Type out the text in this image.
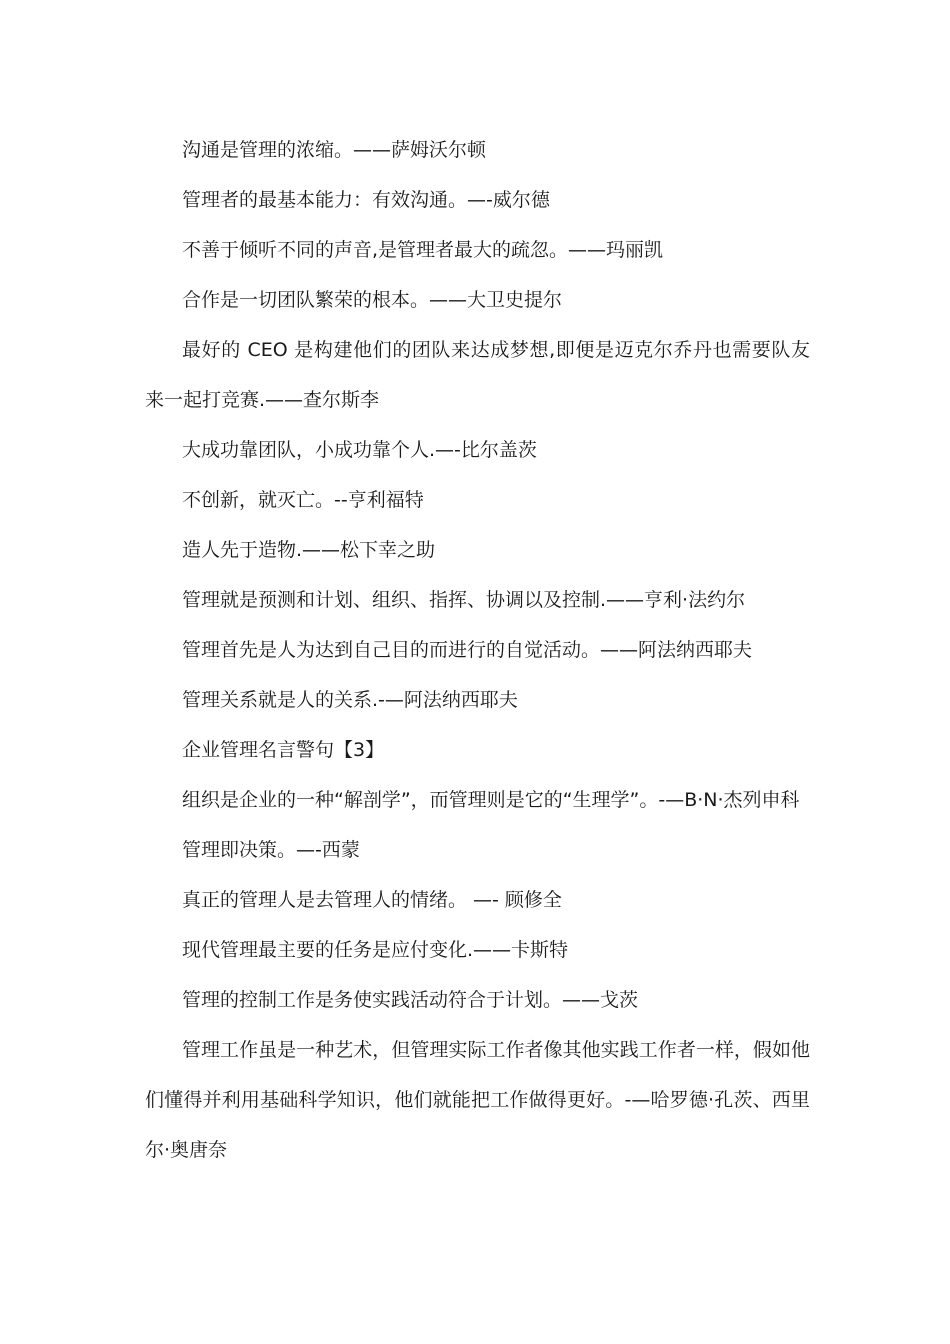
沟通是管理的浓缩。——萨姆沃尔顿

管理者的最基本能力：有效沟通。—-威尔德

不善于倾听不同的声音,是管理者最大的疏忽。——玛丽凯

合作是一切团队繁荣的根本。——大卫史提尔

最好的 CEO 是构建他们的团队来达成梦想,即便是迈克尔乔丹也需要队友来一起打竞赛.——查尔斯李

大成功靠团队，小成功靠个人.—-比尔盖茨

不创新，就灭亡。--亨利福特

造人先于造物.——松下幸之助

管理就是预测和计划、组织、指挥、协调以及控制.——亨利·法约尔

管理首先是人为达到自己目的而进行的自觉活动。——阿法纳西耶夫

管理关系就是人的关系.-—阿法纳西耶夫

企业管理名言警句【3】

组织是企业的一种“解剖学”，而管理则是它的“生理学”。-—B·N·杰列申科

管理即决策。—-西蒙

真正的管理人是去管理人的情绪。 —- 顾修全

现代管理最主要的任务是应付变化.——卡斯特

管理的控制工作是务使实践活动符合于计划。——戈茨

管理工作虽是一种艺术，但管理实际工作者像其他实践工作者一样，假如他们懂得并利用基础科学知识，他们就能把工作做得更好。-—哈罗德·孔茨、西里尔·奥唐奈
